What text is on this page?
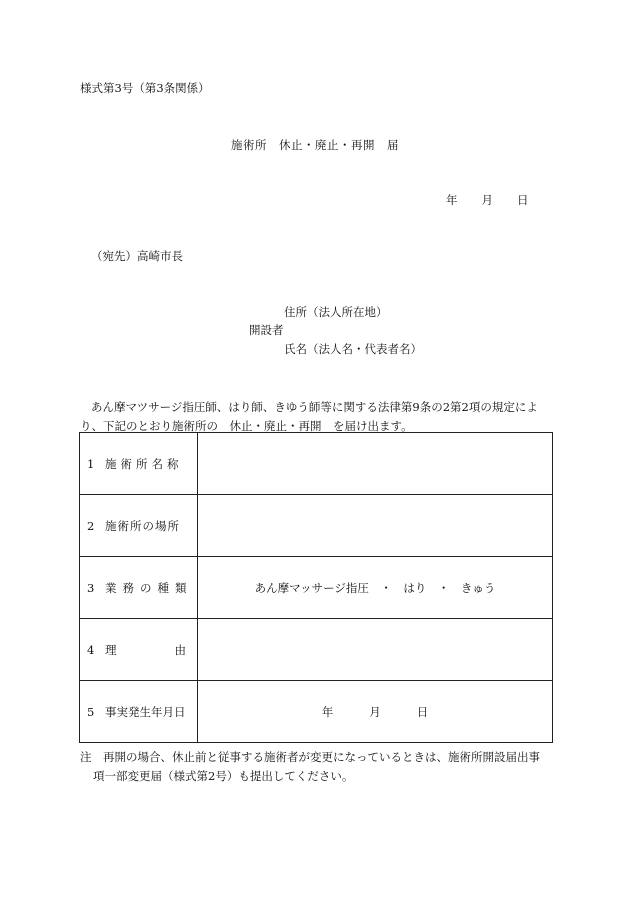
様式第3号（第3条関係）
施術所　休止・廃止・再開　届
年 月 日
（宛先）高崎市長
住所（法人所在地）
開設者
氏名（法人名・代表者名）
あん摩マツサージ指圧師、はり師、きゆう師等に関する法律第9条の2第2項の規定により、下記のとおり施術所の　休止・廃止・再開　を届け出ます。
1 施術所名称	
2 施術所の場所	
3 業務の種類	あん摩マッサージ指圧　・　はり　・　きゅう
4 理 由	
5 事実発生年月日	年 月 日
注　再開の場合、休止前と従事する施術者が変更になっているときは、施術所開設届出事
項一部変更届（様式第2号）も提出してください。
